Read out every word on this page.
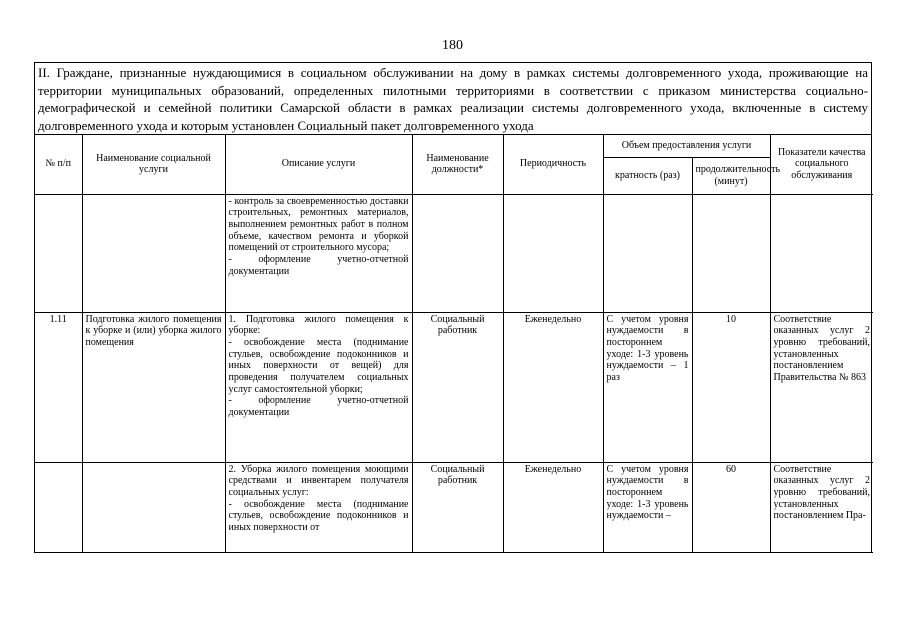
180
II. Граждане, признанные нуждающимися в социальном обслуживании на дому в рамках системы долговременного ухода, проживающие на территории муниципальных образований, определенных пилотными территориями в соответствии с приказом министерства социально-демографической и семейной политики Самарской области в рамках реализации системы долговременного ухода, включенные в систему долговременного ухода и которым установлен Социальный пакет долговременного ухода
№ п/п	Наименование социальной услуги	Описание услуги	Наименование должности*	Периодичность	Объем предоставления услуги		Показатели качества социального обслуживания
					кратность (раз)	продолжительность (минут)	
		- контроль за своевременностью доставки строительных, ремонтных материалов, выполнением ремонтных работ в полном объеме, качеством ремонта и уборкой помещений от строительного мусора;
- оформление учетно-отчетной документации					
1.11	Подготовка жилого помещения к уборке и (или) уборка жилого помещения	1. Подготовка жилого помещения к уборке:
- освобождение места (поднимание стульев, освобождение подоконников и иных поверхности от вещей) для проведения получателем социальных услуг самостоятельной уборки;
- оформление учетно-отчетной документации	Социальный работник	Еженедельно	С учетом уровня нуждаемости в постороннем уходе: 1-3 уровень нуждаемости – 1 раз	10	Соответствие оказанных услуг 2 уровню требований, установленных постановлением Правительства № 863

		2. Уборка жилого помещения моющими средствами и инвентарем получателя социальных услуг:
- освобождение места (поднимание стульев, освобождение подоконников и иных поверхности от	Социальный работник	Еженедельно	С учетом уровня нуждаемости в постороннем уходе: 1-3 уровень нуждаемости –	60	Соответствие оказанных услуг 2 уровню требований, установленных постановлением Пра-
